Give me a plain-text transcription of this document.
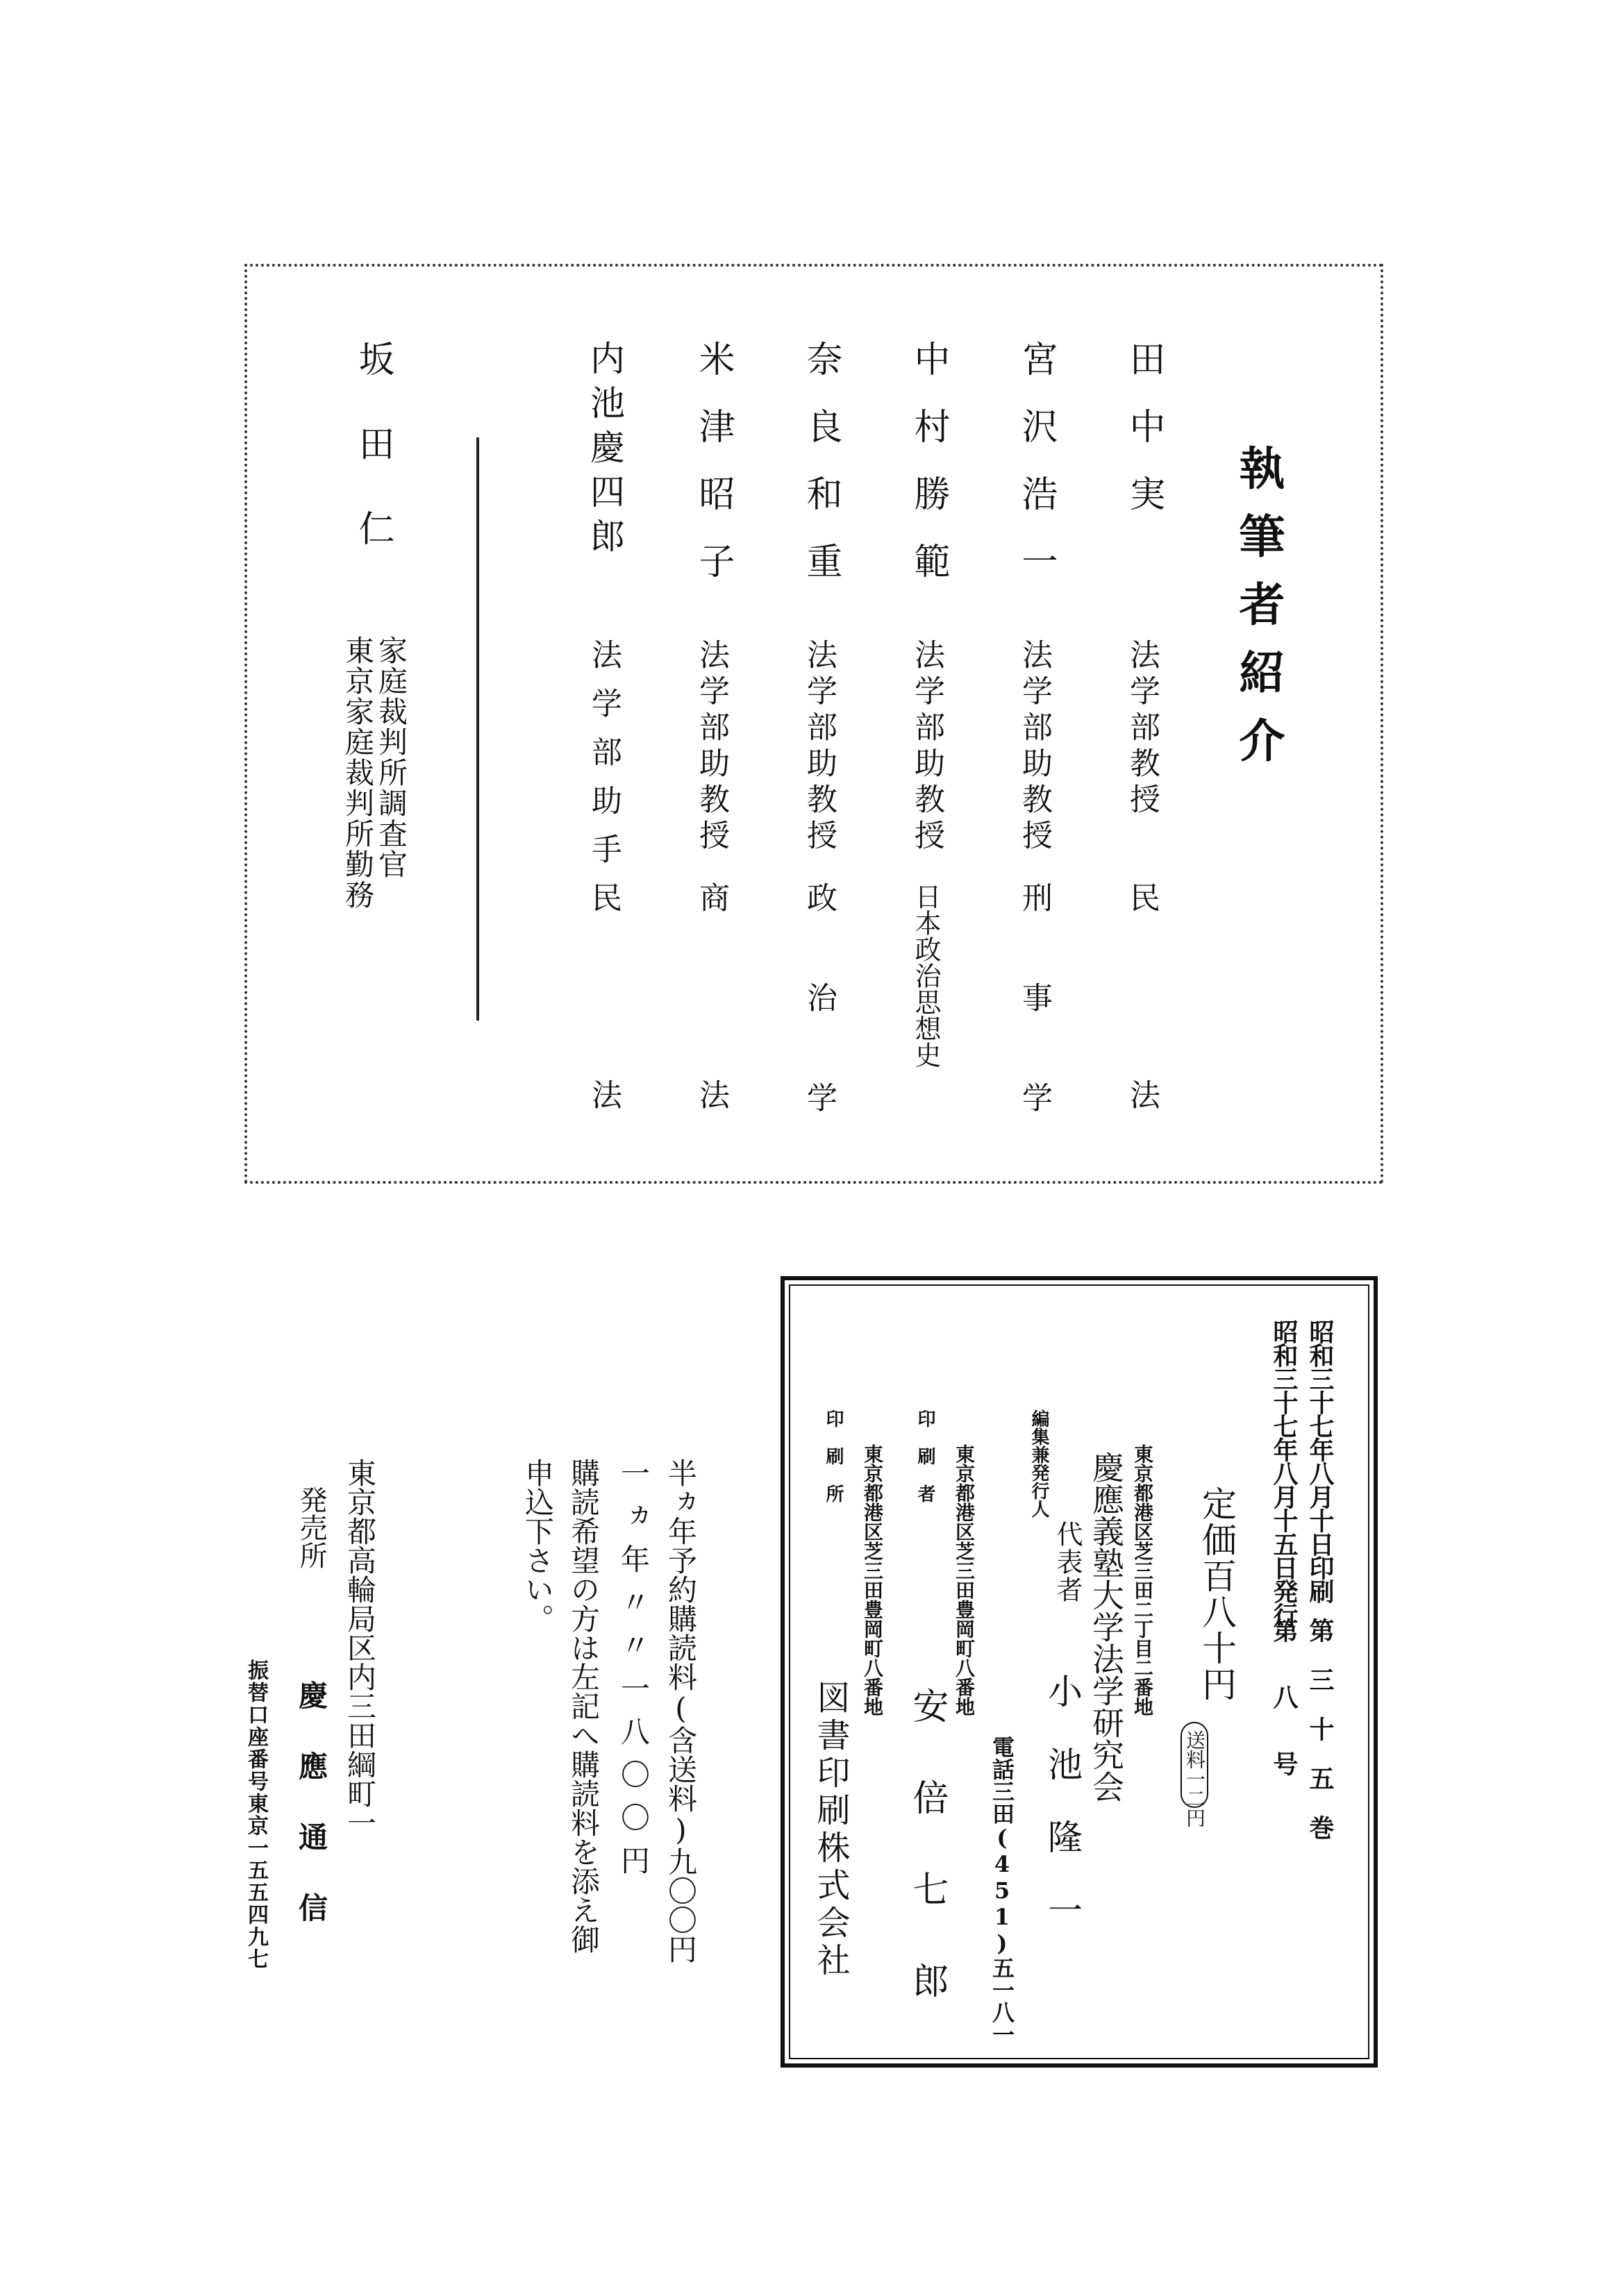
執筆者紹介
田中実
法学部教授
民法
宮沢浩一
法学部助教授
刑事学
中村勝範
法学部助教授
日本政治思想史
奈良和重
法学部助教授
政治学
米津昭子
法学部助教授
商法
内池慶四郎
法学部助手
民法
坂田仁
家庭裁判所調査官
東京家庭裁判所勤務
昭和三十七年八月十日印刷
昭和三十七年八月十五日発行
第三十五巻
第八号
定価百八十円
送料一二円
編集兼発行人	東京都港区芝三田二丁目二番地
慶應義塾大学法学研究会
代表者
小池隆一
電話三田(451)五一八一
印刷者 東京都港区芝三田豊岡町八番地
安倍七郎
印刷所 東京都港区芝三田豊岡町八番地
図書印刷株式会社
半ヵ年予約購読料(含送料)九〇〇円
一ヵ年〃〃一八〇〇円
購読希望の方は左記へ購読料を添え御
申込下さい。
東京都高輪局区内三田綱町一
発売所
慶應通信
振替口座番号東京一五五四九七
